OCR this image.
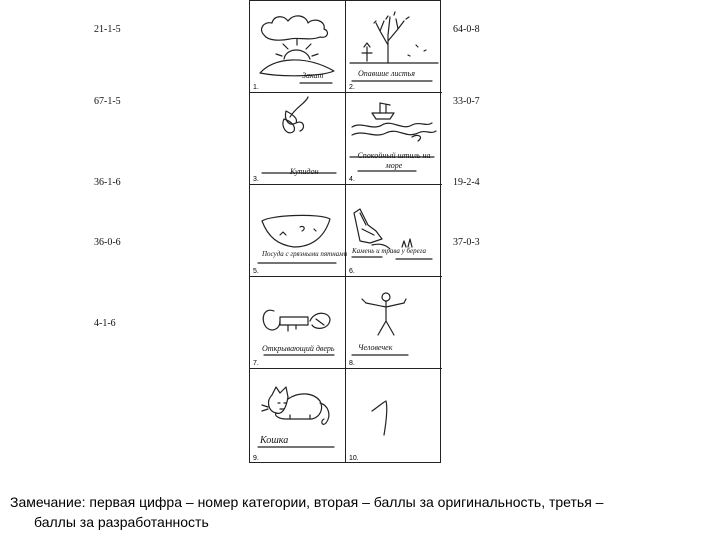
21-1-5
67-1-5
36-1-6
36-0-6
4-1-6
64-0-8
33-0-7
19-2-4
37-0-3
Закат
1.
Опавшие листья
2.
Купидон
3.
Спокойный штиль на море
4.
Посуда с грязными пятнами
5.
Камень и трава у берега
6.
Открывающий дверь
7.
Человечек
8.
Кошка
9.	10.
Замечание: первая цифра – номер категории, вторая – баллы за оригинальность, третья –
баллы за разработанность
